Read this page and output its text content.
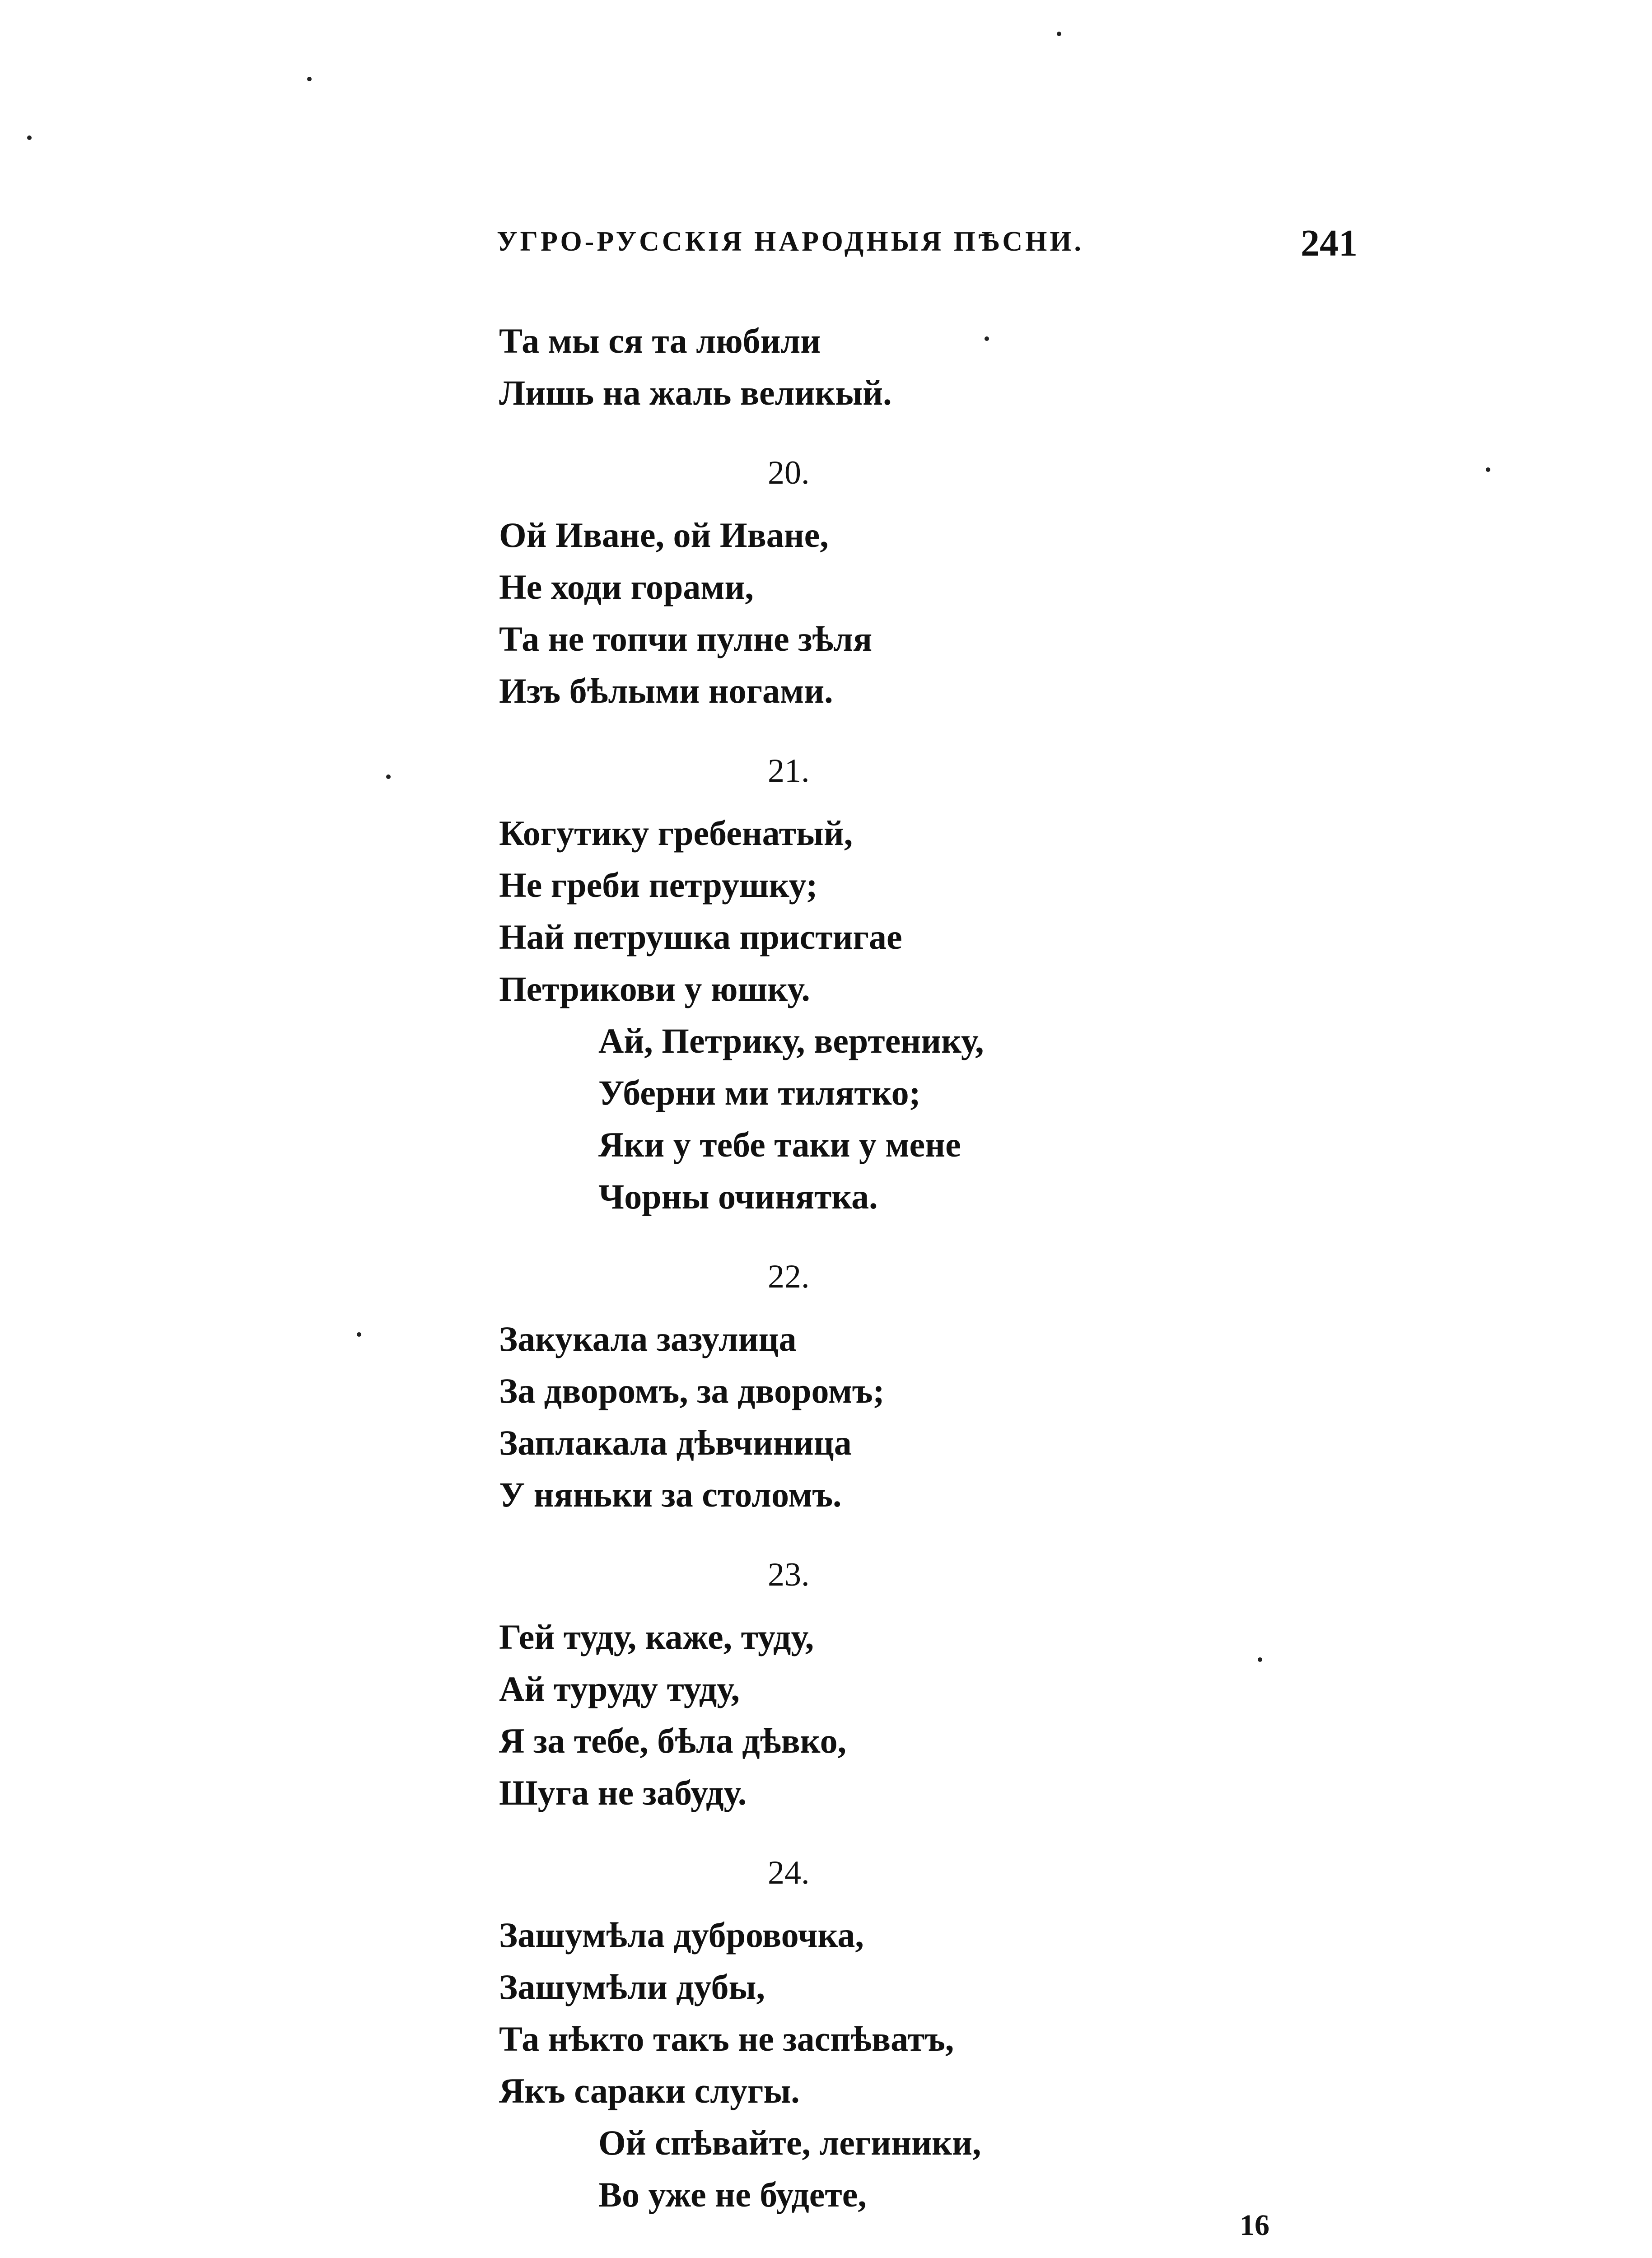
УГРО-РУССКІЯ НАРОДНЫЯ ПѢСНИ.	241
Та мы ся та любили
Лишь на жаль великый.
20.
Ой Иване, ой Иване,
Не ходи горами,
Та не топчи пулне зѣля
Изъ бѣлыми ногами.
21.
Когутику гребенатый,
Не греби петрушку;
Най петрушка пристигае
Петрикови у юшку.
Ай, Петрику, вертенику,
Уберни ми тилятко;
Яки у тебе таки у мене
Чорны очинятка.
22.
Закукала зазулица
За дворомъ, за дворомъ;
Заплакала дѣвчиница
У няньки за столомъ.
23.
Гей туду, каже, туду,
Ай туруду туду,
Я за тебе, бѣла дѣвко,
Шуга не забуду.
24.
Зашумѣла дубровочка,
Зашумѣли дубы,
Та нѣкто такъ не заспѣватъ,
Якъ сараки слугы.
Ой спѣвайте, легиники,
Во уже не будете,
16
